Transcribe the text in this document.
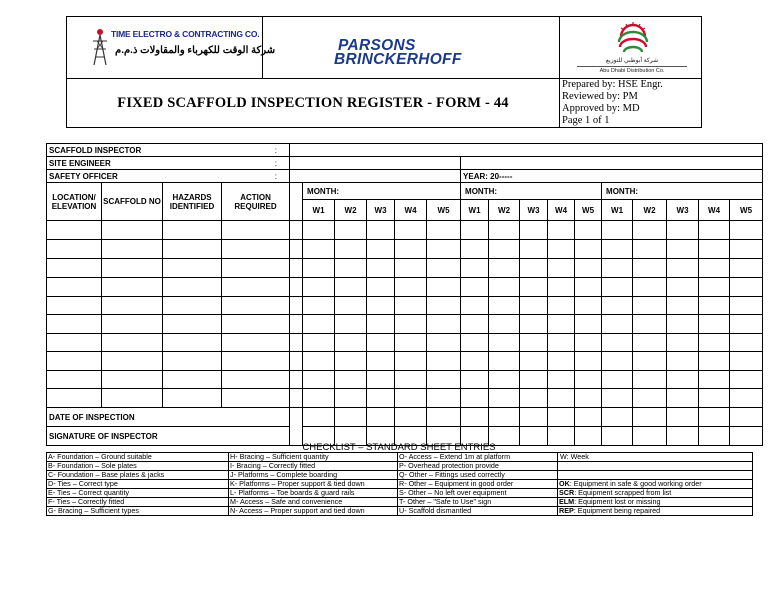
TIME ELECTRO & CONTRACTING CO.
شركة الوقت للكهرباء والمقاولات ذ.م.م	PARSONS
BRINCKERHOFF	شركة أبوظبي للتوزيع
Abu Dhabi Distribution Co.
FIXED SCAFFOLD INSPECTION REGISTER - FORM - 44
Prepared by: HSE Engr.
Reviewed by: PM
Approved by: MD
Page 1 of 1
SCAFFOLD INSPECTOR			:																
SITE ENGINEER			:																
SAFETY OFFICER			:							YEAR: 20-----									
LOCATION/ ELEVATION	SCAFFOLD NO	HAZARDS IDENTIFIED	ACTION REQUIRED		MONTH:					MONTH:					MONTH:				
					W1	W2	W3	W4	W5	W1	W2	W3	W4	W5	W1	W2	W3	W4	W5

DATE OF INSPECTION																			
SIGNATURE OF INSPECTOR																			
CHECKLIST – STANDARD SHEET ENTRIES
A- Foundation – Ground suitable	H- Bracing – Sufficient quantity	O- Access – Extend 1m at platform	W: Week
B- Foundation – Sole plates	I- Bracing – Correctly fitted	P- Overhead protection provide	
C- Foundation – Base plates & jacks	J- Platforms – Complete boarding	Q- Other – Fittings used correctly	
D- Ties – Correct type	K- Platforms – Proper support & tied down	R- Other – Equipment in good order	OK: Equipment in safe & good working order
E- Ties – Correct quantity	L- Platforms – Toe boards & guard rails	S- Other – No left over equipment	SCR: Equipment scrapped from list
F- Ties – Correctly fitted	M- Access – Safe and convenience	T- Other – "Safe to Use" sign	ELM: Equipment lost or missing
G- Bracing – Sufficient types	N- Access – Proper support and tied down	U- Scaffold dismantled	REP: Equipment being repaired
